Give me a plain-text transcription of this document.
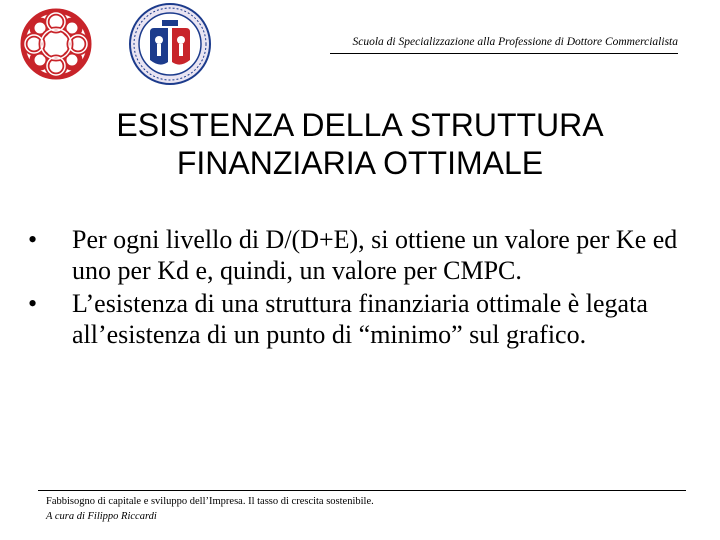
Scuola di Specializzazione alla Professione di Dottore Commercialista
ESISTENZA DELLA STRUTTURA
FINANZIARIA OTTIMALE
•	Per ogni livello di D/(D+E), si ottiene un valore per Ke ed uno per Kd e, quindi, un valore per CMPC.
•	L’esistenza di una struttura finanziaria ottimale è legata all’esistenza di un punto di “minimo” sul grafico.
Fabbisogno di capitale e sviluppo dell’Impresa. Il tasso di crescita sostenibile.
A cura di Filippo Riccardi
